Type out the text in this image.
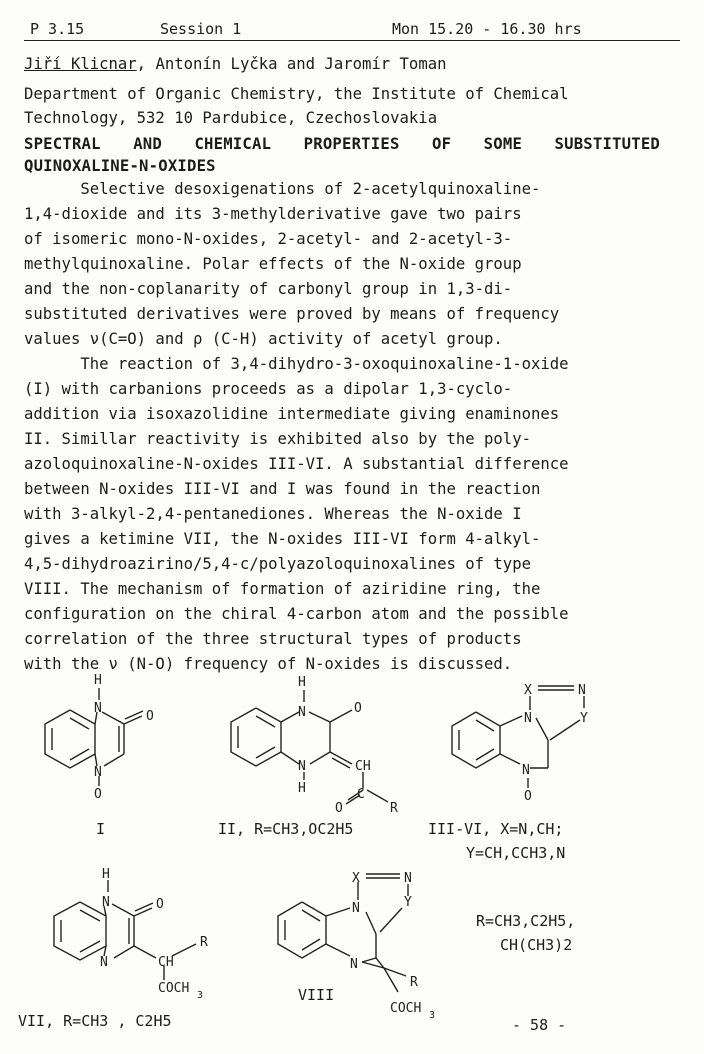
P 3.15	Session 1	Mon 15.20 - 16.30 hrs
Jiří Klicnar, Antonín Lyčka and Jaromír Toman
Department of Organic Chemistry, the Institute of Chemical
Technology, 532 10 Pardubice, Czechoslovakia
SPECTRAL AND CHEMICAL PROPERTIES OF SOME SUBSTITUTED
QUINOXALINE-N-OXIDES
Selective desoxigenations of 2-acetylquinoxaline-
1,4-dioxide and its 3-methylderivative gave two pairs
of isomeric mono-N-oxides, 2-acetyl- and 2-acetyl-3-
methylquinoxaline. Polar effects of the N-oxide group
and the non-coplanarity of carbonyl group in 1,3-di-
substituted derivatives were proved by means of frequency
values ν(C=O) and ρ (C-H) activity of acetyl group.
The reaction of 3,4-dihydro-3-oxoquinoxaline-1-oxide
(I) with carbanions proceeds as a dipolar 1,3-cyclo-
addition via isoxazolidine intermediate giving enaminones
II. Simillar reactivity is exhibited also by the poly-
azoloquinoxaline-N-oxides III-VI. A substantial difference
between N-oxides III-VI and I was found in the reaction
with 3-alkyl-2,4-pentanediones. Whereas the N-oxide I
gives a ketimine VII, the N-oxides III-VI form 4-alkyl-
4,5-dihydroazirino/5,4-c/polyazoloquinoxalines of type
VIII. The mechanism of formation of aziridine ring, the
configuration on the chiral 4-carbon atom and the possible
correlation of the three structural types of products
with the ν (N-O) frequency of N-oxides is discussed.
H
N
O
N
O
I
H
N	O
N
H
CH
C
O	R
II, R=CH3,OC2H5
X	N
N	Y
N
O
III-VI, X=N,CH;
Y=CH,CCH3,N
H
N	O
N	CH
R
COCH 3
VII, R=CH3 , C2H5
X	N
N	Y
N
R
COCH 3
VIII
R=CH3,C2H5,
CH(CH3)2
- 58 -
